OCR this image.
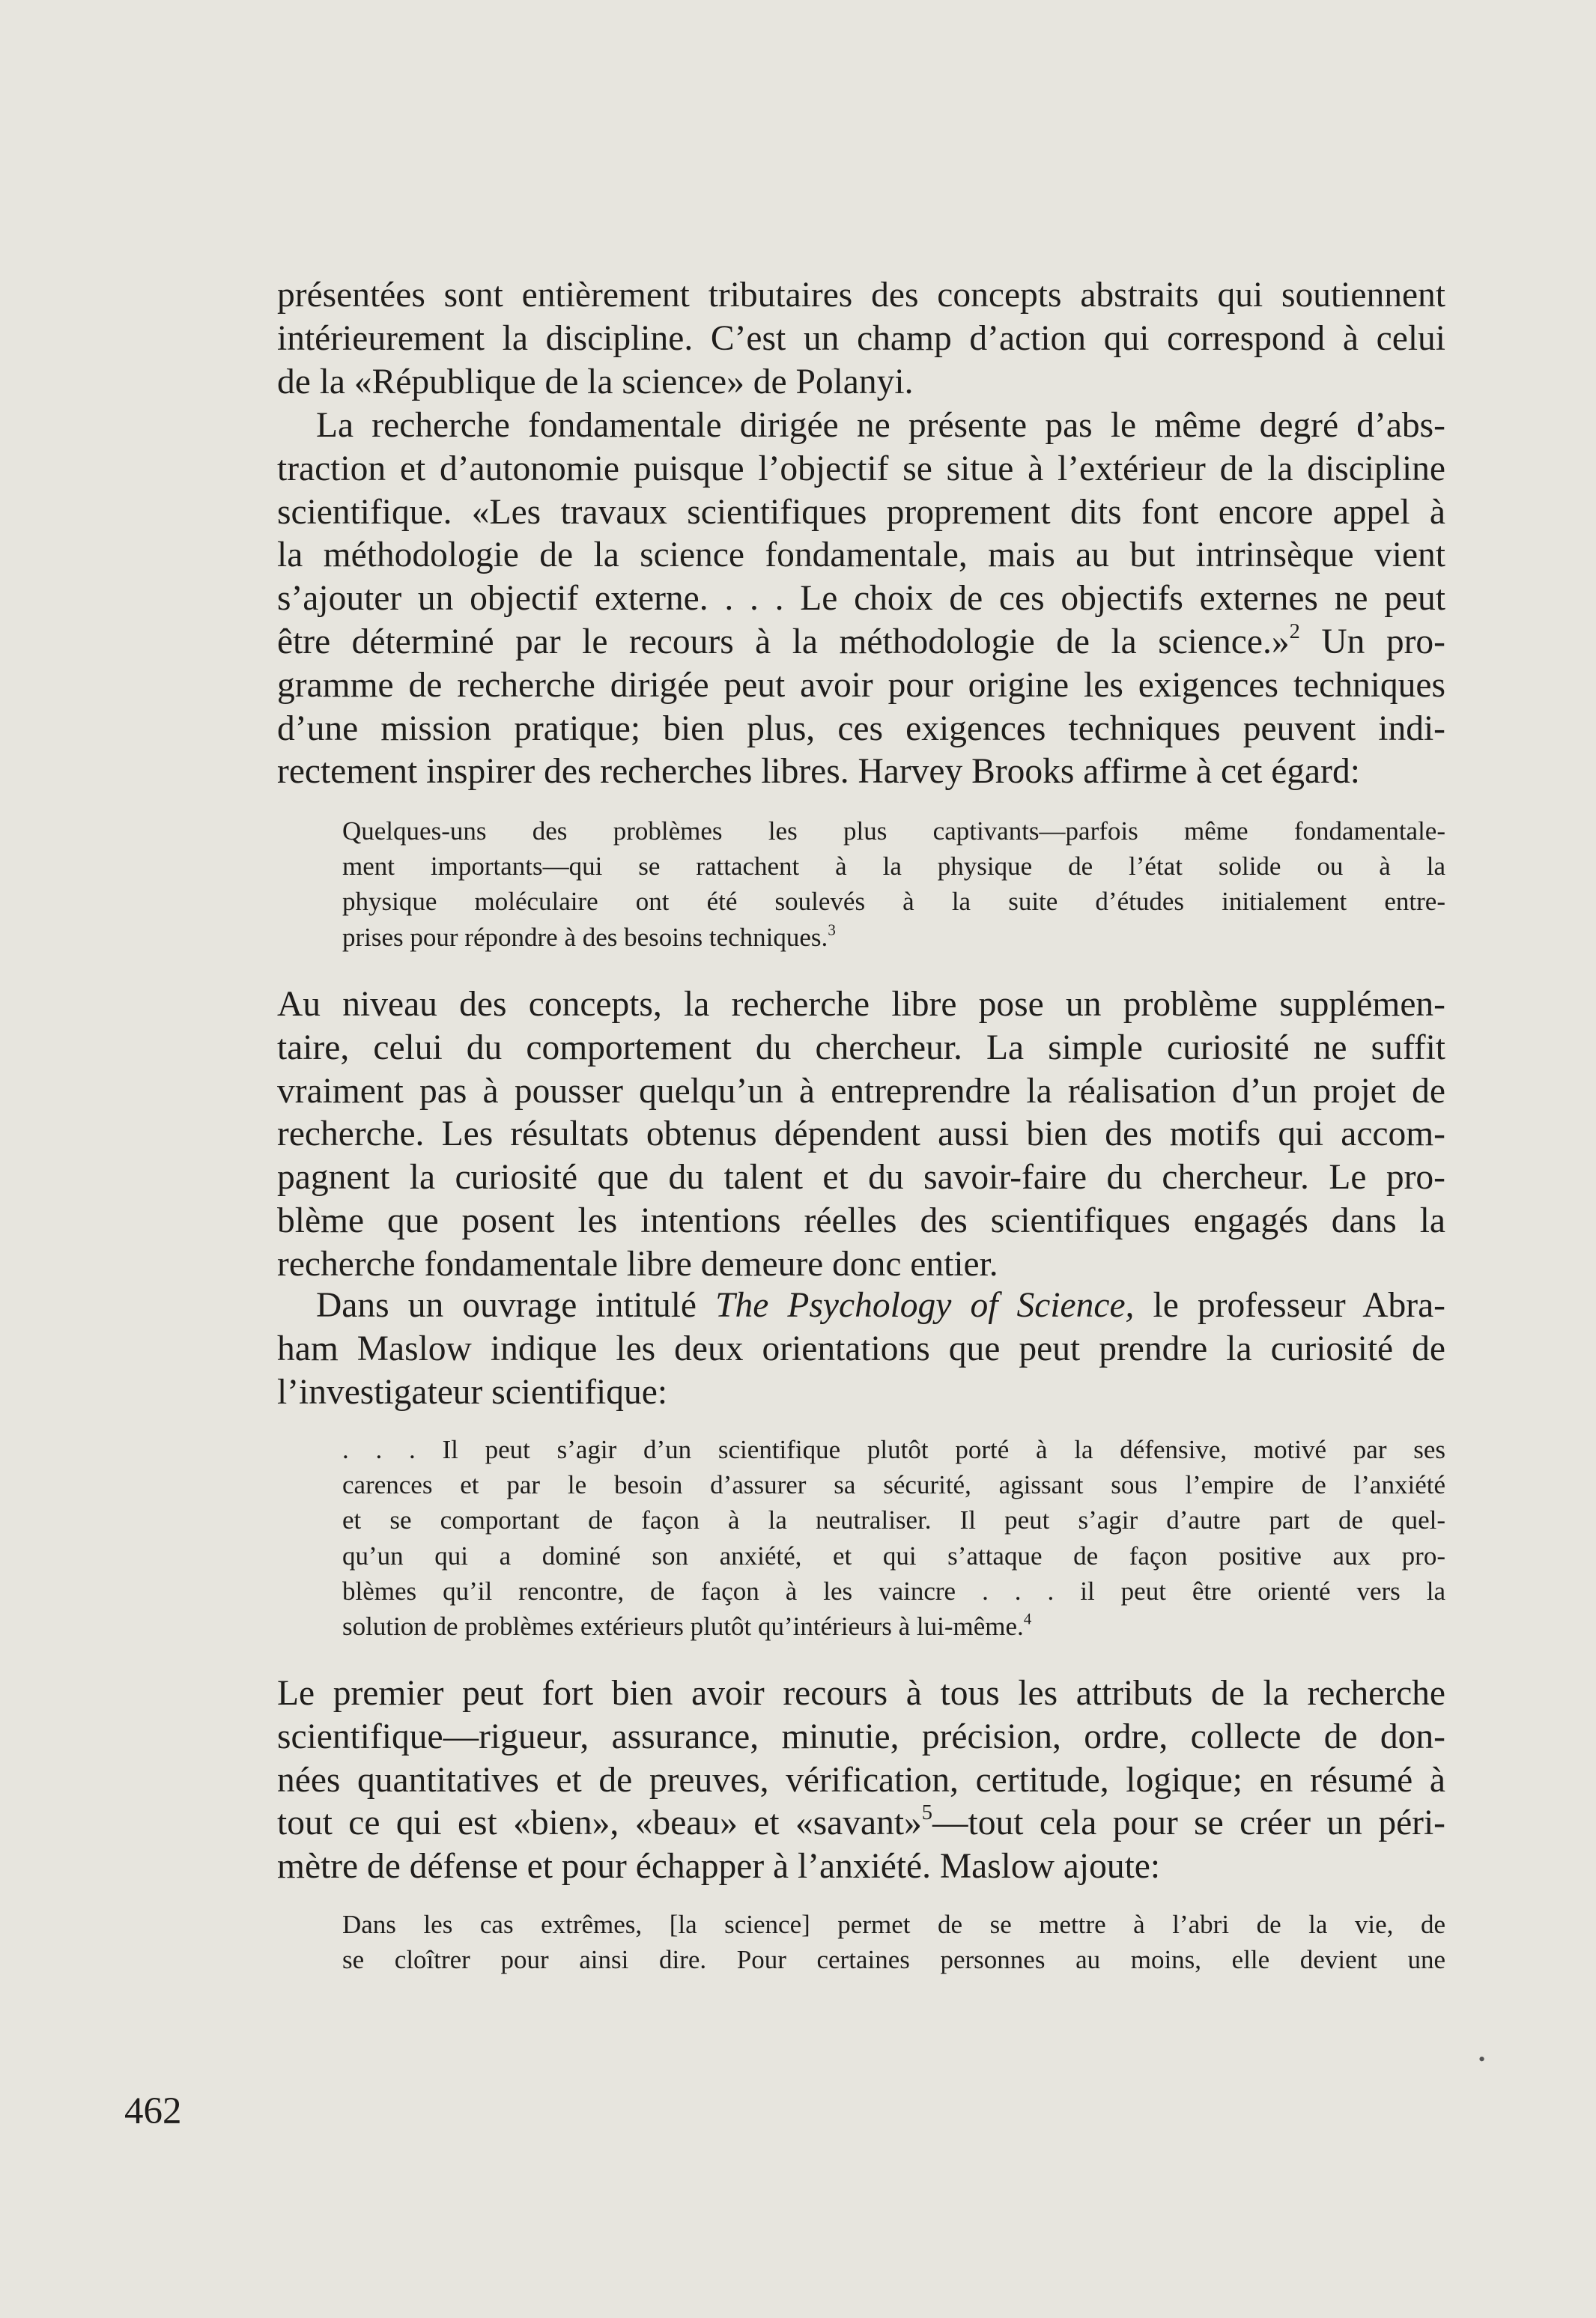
présentées sont entièrement tributaires des concepts abstraits qui soutiennent
intérieurement la discipline. C’est un champ d’action qui correspond à celui
de la «République de la science» de Polanyi.
La recherche fondamentale dirigée ne présente pas le même degré d’abs-
traction et d’autonomie puisque l’objectif se situe à l’extérieur de la discipline
scientifique. «Les travaux scientifiques proprement dits font encore appel à
la méthodologie de la science fondamentale, mais au but intrinsèque vient
s’ajouter un objectif externe. . . . Le choix de ces objectifs externes ne peut
être déterminé par le recours à la méthodologie de la science.»$^2$ Un pro-
gramme de recherche dirigée peut avoir pour origine les exigences techniques
d’une mission pratique; bien plus, ces exigences techniques peuvent indi-
rectement inspirer des recherches libres. Harvey Brooks affirme à cet égard:
Quelques-uns des problèmes les plus captivants—parfois même fondamentale-
ment importants—qui se rattachent à la physique de l’état solide ou à la
physique moléculaire ont été soulevés à la suite d’études initialement entre-
prises pour répondre à des besoins techniques.$^3$
Au niveau des concepts, la recherche libre pose un problème supplémen-
taire, celui du comportement du chercheur. La simple curiosité ne suffit
vraiment pas à pousser quelqu’un à entreprendre la réalisation d’un projet de
recherche. Les résultats obtenus dépendent aussi bien des motifs qui accom-
pagnent la curiosité que du talent et du savoir-faire du chercheur. Le pro-
blème que posent les intentions réelles des scientifiques engagés dans la
recherche fondamentale libre demeure donc entier.
Dans un ouvrage intitulé The Psychology of Science, le professeur Abra-
ham Maslow indique les deux orientations que peut prendre la curiosité de
l’investigateur scientifique:
. . . Il peut s’agir d’un scientifique plutôt porté à la défensive, motivé par ses
carences et par le besoin d’assurer sa sécurité, agissant sous l’empire de l’anxiété
et se comportant de façon à la neutraliser. Il peut s’agir d’autre part de quel-
qu’un qui a dominé son anxiété, et qui s’attaque de façon positive aux pro-
blèmes qu’il rencontre, de façon à les vaincre . . . il peut être orienté vers la
solution de problèmes extérieurs plutôt qu’intérieurs à lui-même.$^4$
Le premier peut fort bien avoir recours à tous les attributs de la recherche
scientifique—rigueur, assurance, minutie, précision, ordre, collecte de don-
nées quantitatives et de preuves, vérification, certitude, logique; en résumé à
tout ce qui est «bien», «beau» et «savant»$^5$—tout cela pour se créer un péri-
mètre de défense et pour échapper à l’anxiété. Maslow ajoute:
Dans les cas extrêmes, [la science] permet de se mettre à l’abri de la vie, de
se cloîtrer pour ainsi dire. Pour certaines personnes au moins, elle devient une
•
462
